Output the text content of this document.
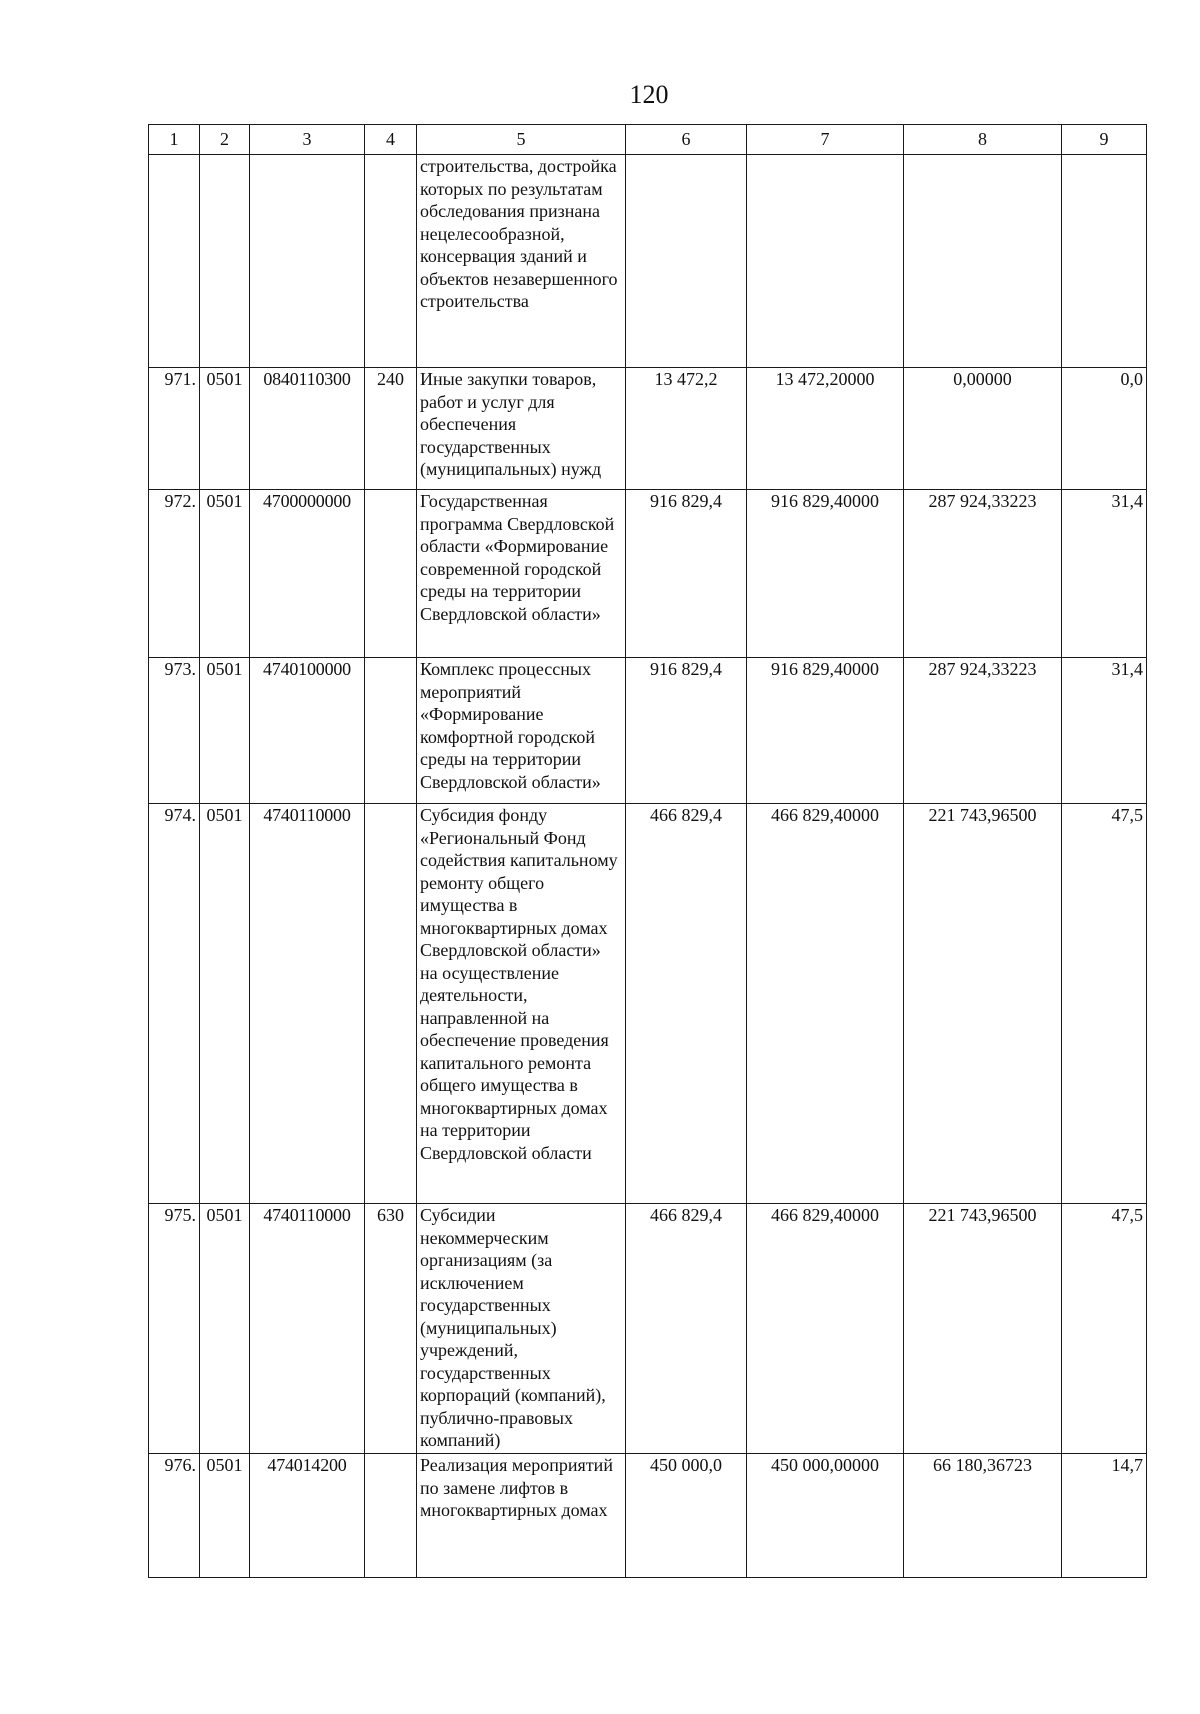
120
1	2	3	4	5	6	7	8	9
				строительства, достройка которых по результатам обследования признана нецелесообразной, консервация зданий и объектов незавершенного строительства				
971.	0501	0840110300	240	Иные закупки товаров, работ и услуг для обеспечения государственных (муниципальных) нужд	13 472,2	13 472,20000	0,00000	0,0
972.	0501	4700000000		Государственная программа Свердловской области «Формирование современной городской среды на территории Свердловской области»	916 829,4	916 829,40000	287 924,33223	31,4
973.	0501	4740100000		Комплекс процессных мероприятий «Формирование комфортной городской среды на территории Свердловской области»	916 829,4	916 829,40000	287 924,33223	31,4
974.	0501	4740110000		Субсидия фонду «Региональный Фонд содействия капитальному ремонту общего имущества в многоквартирных домах Свердловской области» на осуществление деятельности, направленной на обеспечение проведения капитального ремонта общего имущества в многоквартирных домах на территории Свердловской области	466 829,4	466 829,40000	221 743,96500	47,5
975.	0501	4740110000	630	Субсидии некоммерческим организациям (за исключением государственных (муниципальных) учреждений, государственных корпораций (компаний), публично-правовых компаний)	466 829,4	466 829,40000	221 743,96500	47,5
976.	0501	474014200		Реализация мероприятий по замене лифтов в многоквартирных домах	450 000,0	450 000,00000	66 180,36723	14,7
